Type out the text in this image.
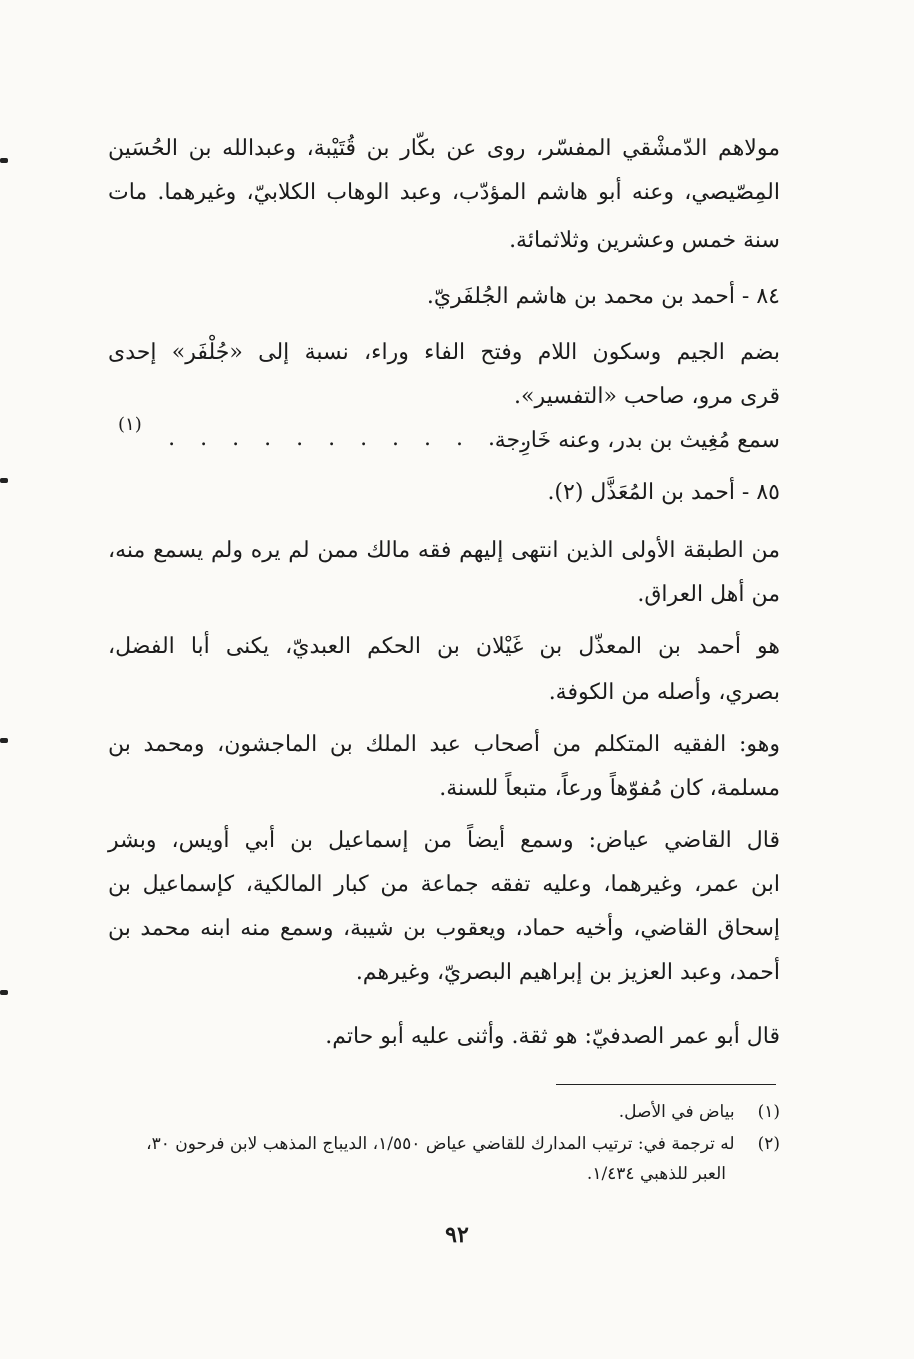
مولاهم الدّمشْقي المفسّر، روى عن بكّار بن قُتَيْبة، وعبدالله بن الحُسَين
المِصّيصي، وعنه أبو هاشم المؤدّب، وعبد الوهاب الكلابيّ، وغيرهما. مات
سنة خمس وعشرين وثلاثمائة.
٨٤ - أحمد بن محمد بن هاشم الجُلفَريّ.
بضم الجيم وسكون اللام وفتح الفاء وراء، نسبة إلى «جُلْفَر» إحدى
قرى مرو، صاحب «التفسير».
سمع مُغِيث بن بدر، وعنه خَارِجة
. . . . . . . . . . . .
(١)
٨٥ - أحمد بن المُعَذَّل (٢).
من الطبقة الأولى الذين انتهى إليهم فقه مالك ممن لم يره ولم يسمع منه،
من أهل العراق.
هو أحمد بن المعذّل بن غَيْلان بن الحكم العبديّ، يكنى أبا الفضل،
بصري، وأصله من الكوفة.
وهو: الفقيه المتكلم من أصحاب عبد الملك بن الماجشون، ومحمد بن
مسلمة، كان مُفوّهاً ورعاً، متبعاً للسنة.
قال القاضي عياض: وسمع أيضاً من إسماعيل بن أبي أويس، وبشر
ابن عمر، وغيرهما، وعليه تفقه جماعة من كبار المالكية، كإسماعيل بن
إسحاق القاضي، وأخيه حماد، ويعقوب بن شيبة، وسمع منه ابنه محمد بن
أحمد، وعبد العزيز بن إبراهيم البصريّ، وغيرهم.
قال أبو عمر الصدفيّ: هو ثقة. وأثنى عليه أبو حاتم.
(١) بياض في الأصل.
(٢) له ترجمة في: ترتيب المدارك للقاضي عياض ١/٥٥٠، الديباج المذهب لابن فرحون ٣٠،
العبر للذهبي ١/٤٣٤.
٩٢
